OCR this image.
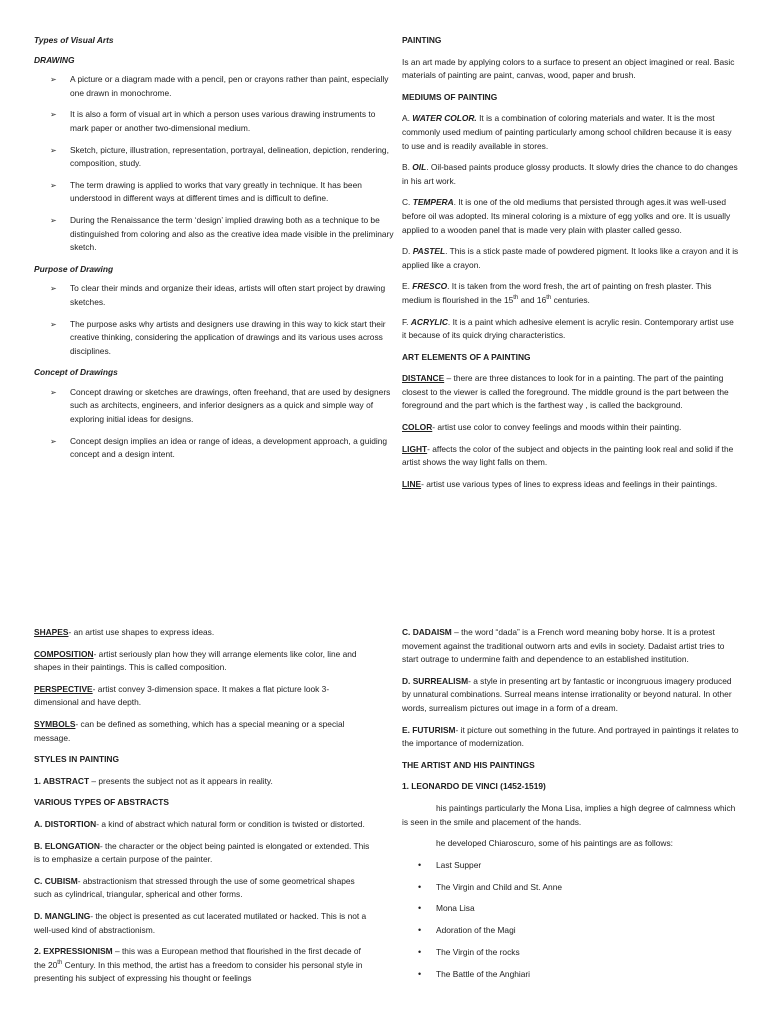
Types of Visual Arts

DRAWING

➢ A picture or a diagram made with a pencil, pen or crayons rather than paint, especially one drawn in monochrome.
➢ It is also a form of visual art in which a person uses various drawing instruments to mark paper or another two-dimensional medium.
➢ Sketch, picture, illustration, representation, portrayal, delineation, depiction, rendering, composition, study.
➢ The term drawing is applied to works that vary greatly in technique. It has been understood in different ways at different times and is difficult to define.
➢ During the Renaissance the term ‘design’ implied drawing both as a technique to be distinguished from coloring and also as the creative idea made visible in the preliminary sketch.

Purpose of Drawing

➢ To clear their minds and organize their ideas, artists will often start project by drawing sketches.
➢ The purpose asks why artists and designers use drawing in this way to kick start their creative thinking, considering the application of drawings and its various uses across disciplines.

Concept of Drawings

➢ Concept drawing or sketches are drawings, often freehand, that are used by designers such as architects, engineers, and inferior designers as a quick and simple way of exploring initial ideas for designs.
➢ Concept design implies an idea or range of ideas, a development approach, a guiding concept and a design intent.

PAINTING

Is an art made by applying colors to a surface to present an object imagined or real. Basic materials of painting are paint, canvas, wood, paper and brush.

MEDIUMS OF PAINTING

A. WATER COLOR. It is a combination of coloring materials and water. It is the most commonly used medium of painting particularly among school children because it is easy to use and is readily available in stores.

B. OIL. Oil-based paints produce glossy products. It slowly dries the chance to do changes in his art work.

C. TEMPERA. It is one of the old mediums that persisted through ages.it was well-used before oil was adopted. Its mineral coloring is a mixture of egg yolks and ore. It is usually applied to a wooden panel that is made very plain with plaster called gesso.

D. PASTEL. This is a stick paste made of powdered pigment. It looks like a crayon and it is applied like a crayon.

E. FRESCO. It is taken from the word fresh, the art of painting on fresh plaster. This medium is flourished in the 15th and 16th centuries.

F. ACRYLIC. It is a paint which adhesive element is acrylic resin. Contemporary artist use it because of its quick drying characteristics.

ART ELEMENTS OF A PAINTING

DISTANCE – there are three distances to look for in a painting. The part of the painting closest to the viewer is called the foreground. The middle ground is the part between the foreground and the part which is the farthest way , is called the background.

COLOR- artist use color to convey feelings and moods within their painting.

LIGHT- affects the color of the subject and objects in the painting look real and solid if the artist shows the way light falls on them.

LINE- artist use various types of lines to express ideas and feelings in their paintings.

SHAPES- an artist use shapes to express ideas.

COMPOSITION- artist seriously plan how they will arrange elements like color, line and shapes in their paintings. This is called composition.

PERSPECTIVE- artist convey 3-dimension space. It makes a flat picture look 3-dimensional and have depth.

SYMBOLS- can be defined as something, which has a special meaning or a special message.

STYLES IN PAINTING

1. ABSTRACT – presents the subject not as it appears in reality.

VARIOUS TYPES OF ABSTRACTS

A. DISTORTION- a kind of abstract which natural form or condition is twisted or distorted.

B. ELONGATION- the character or the object being painted is elongated or extended. This is to emphasize a certain purpose of the painter.

C. CUBISM- abstractionism that stressed through the use of some geometrical shapes such as cylindrical, triangular, spherical and other forms.

D. MANGLING- the object is presented as cut lacerated mutilated or hacked. This is not a well-used kind of abstractionism.

2. EXPRESSIONISM – this was a European method that flourished in the first decade of the 20th Century. In this method, the artist has a freedom to consider his personal style in presenting his subject of expressing his thought or feelings

C. DADAISM – the word “dada” is a French word meaning boby horse. It is a protest movement against the traditional outworn arts and evils in society. Dadaist artist tries to start outrage to undermine faith and dependence to an established institution.

D. SURREALISM- a style in presenting art by fantastic or incongruous imagery produced by unnatural combinations. Surreal means intense irrationality or beyond natural. In other words, surrealism pictures out image in a form of a dream.

E. FUTURISM- it picture out something in the future. And portrayed in paintings it relates to the importance of modernization.

THE ARTIST AND HIS PAINTINGS

1. LEONARDO DE VINCI (1452-1519)

his paintings particularly the Mona Lisa, implies a high degree of calmness which is seen in the smile and placement of the hands.

he developed Chiaroscuro, some of his paintings are as follows:

• Last Supper
• The Virgin and Child and St. Anne
• Mona Lisa
• Adoration of the Magi
• The Virgin of the rocks
• The Battle of the Anghiari
